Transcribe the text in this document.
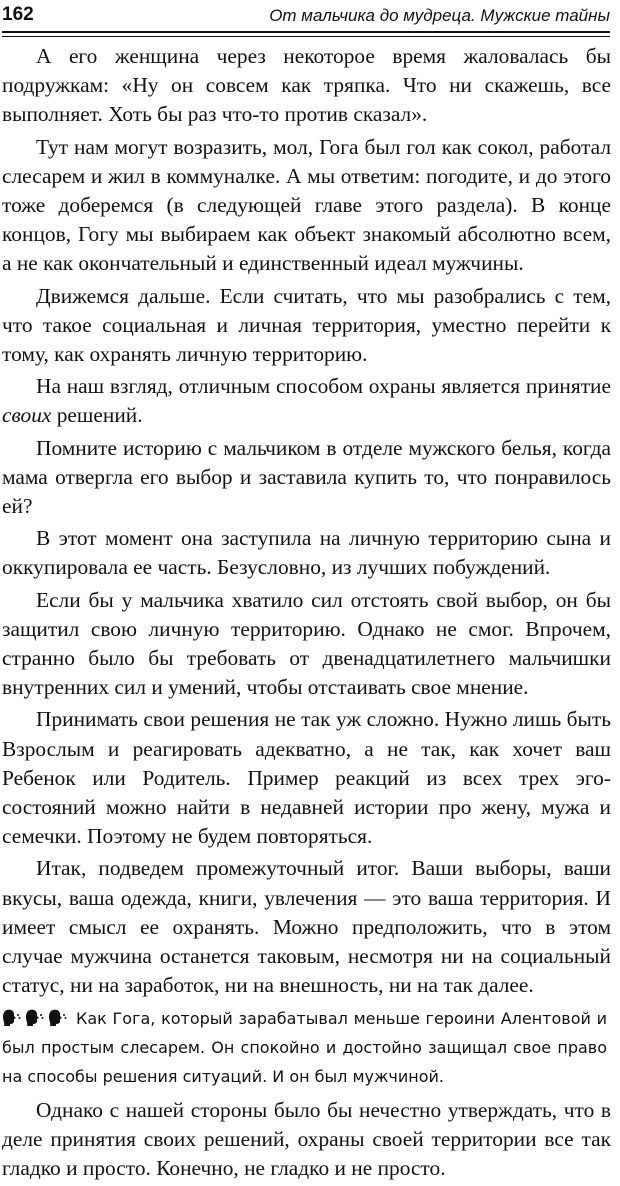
162	От мальчика до мудреца. Мужские тайны

А его женщина через некоторое время жаловалась бы подружкам: «Ну он совсем как тряпка. Что ни скажешь, все выполняет. Хоть бы раз что-то против сказал».

Тут нам могут возразить, мол, Гога был гол как сокол, работал слесарем и жил в коммуналке. А мы ответим: погодите, и до этого тоже доберемся (в следующей главе этого раздела). В конце концов, Гогу мы выбираем как объект знакомый абсолютно всем, а не как окончательный и единственный идеал мужчины.

Движемся дальше. Если считать, что мы разобрались с тем, что такое социальная и личная территория, уместно перейти к тому, как охранять личную территорию.

На наш взгляд, отличным способом охраны является принятие своих решений.

Помните историю с мальчиком в отделе мужского белья, когда мама отвергла его выбор и заставила купить то, что понравилось ей?

В этот момент она заступила на личную территорию сына и оккупировала ее часть. Безусловно, из лучших побуждений.

Если бы у мальчика хватило сил отстоять свой выбор, он бы защитил свою личную территорию. Однако не смог. Впрочем, странно было бы требовать от двенадцатилетнего мальчишки внутренних сил и умений, чтобы отстаивать свое мнение.

Принимать свои решения не так уж сложно. Нужно лишь быть Взрослым и реагировать адекватно, а не так, как хочет ваш Ребенок или Родитель. Пример реакций из всех трех эго-состояний можно найти в недавней истории про жену, мужа и семечки. Поэтому не будем повторяться.

Итак, подведем промежуточный итог. Ваши выборы, ваши вкусы, ваша одежда, книги, увлечения — это ваша территория. И имеет смысл ее охранять. Можно предположить, что в этом случае мужчина останется таковым, несмотря ни на социальный статус, ни на заработок, ни на внешность, ни на так далее.

Как Гога, который зарабатывал меньше героини Алентовой и был простым слесарем. Он спокойно и достойно защищал свое право на способы решения ситуаций. И он был мужчиной.

Однако с нашей стороны было бы нечестно утверждать, что в деле принятия своих решений, охраны своей территории все так гладко и просто. Конечно, не гладко и не просто.
